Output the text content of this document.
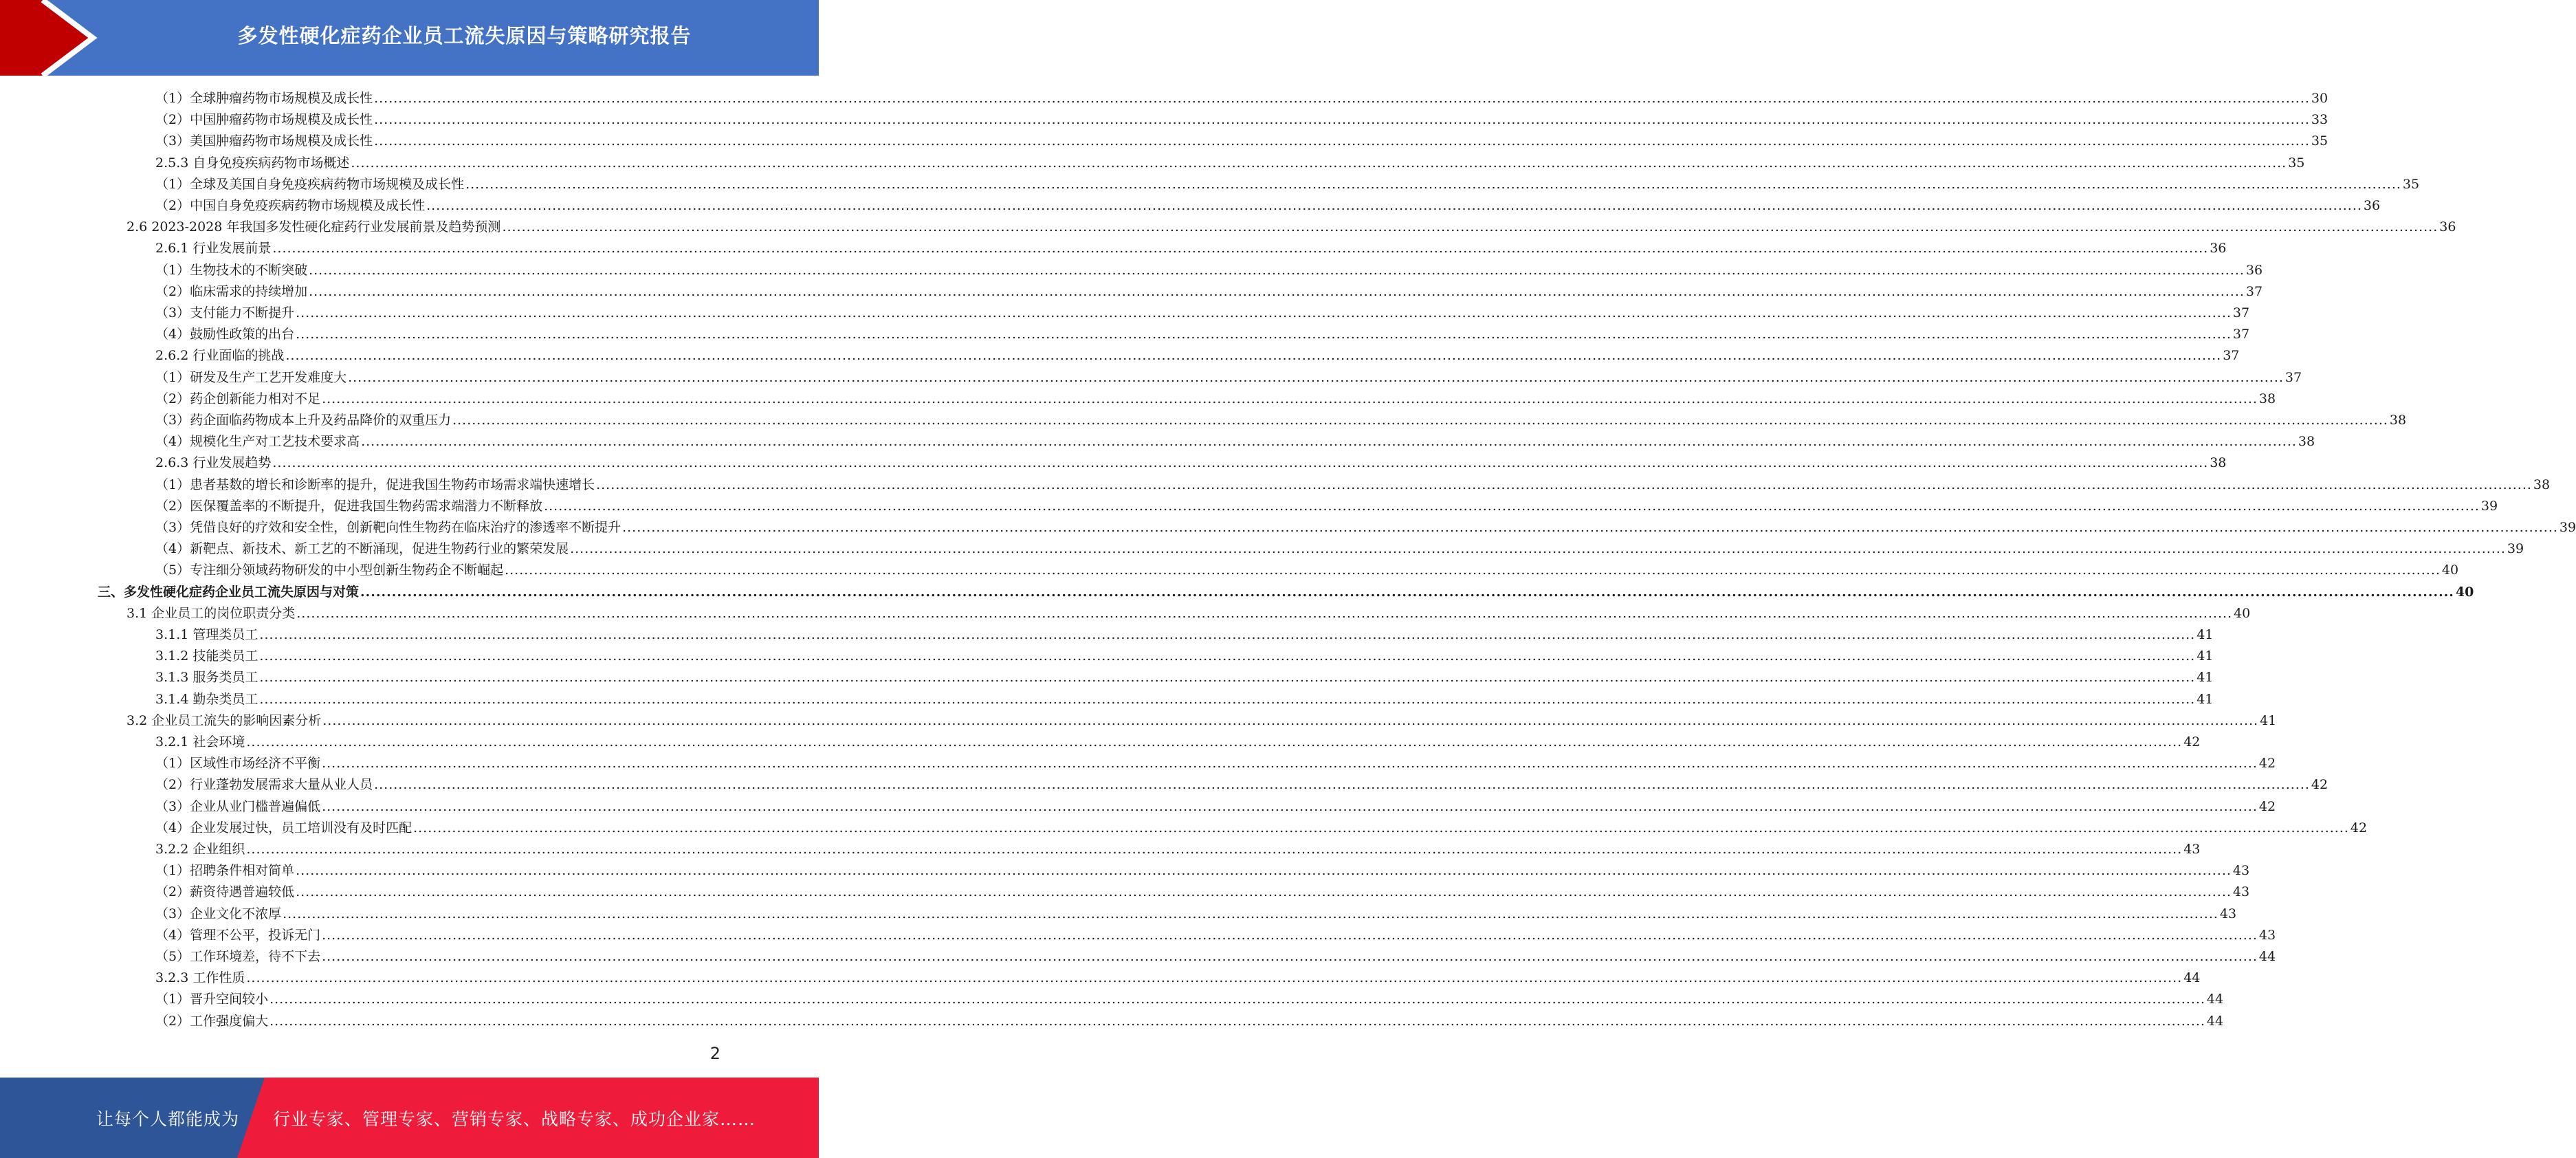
多发性硬化症药企业员工流失原因与策略研究报告
（1）全球肿瘤药物市场规模及成长性 ................................................................................................................................................................................................................................................................................................................................................................................................................ 30
（2）中国肿瘤药物市场规模及成长性 ................................................................................................................................................................................................................................................................................................................................................................................................................ 33
（3）美国肿瘤药物市场规模及成长性 ................................................................................................................................................................................................................................................................................................................................................................................................................ 35
2.5.3 自身免疫疾病药物市场概述 ................................................................................................................................................................................................................................................................................................................................................................................................................ 35
（1）全球及美国自身免疫疾病药物市场规模及成长性 ................................................................................................................................................................................................................................................................................................................................................................................................................ 35
（2）中国自身免疫疾病药物市场规模及成长性 ................................................................................................................................................................................................................................................................................................................................................................................................................ 36
2.6 2023-2028 年我国多发性硬化症药行业发展前景及趋势预测 ................................................................................................................................................................................................................................................................................................................................................................................................................ 36
2.6.1 行业发展前景 ................................................................................................................................................................................................................................................................................................................................................................................................................ 36
（1）生物技术的不断突破 ................................................................................................................................................................................................................................................................................................................................................................................................................ 36
（2）临床需求的持续增加 ................................................................................................................................................................................................................................................................................................................................................................................................................ 37
（3）支付能力不断提升 ................................................................................................................................................................................................................................................................................................................................................................................................................ 37
（4）鼓励性政策的出台 ................................................................................................................................................................................................................................................................................................................................................................................................................ 37
2.6.2 行业面临的挑战 ................................................................................................................................................................................................................................................................................................................................................................................................................ 37
（1）研发及生产工艺开发难度大 ................................................................................................................................................................................................................................................................................................................................................................................................................ 37
（2）药企创新能力相对不足 ................................................................................................................................................................................................................................................................................................................................................................................................................ 38
（3）药企面临药物成本上升及药品降价的双重压力 ................................................................................................................................................................................................................................................................................................................................................................................................................ 38
（4）规模化生产对工艺技术要求高 ................................................................................................................................................................................................................................................................................................................................................................................................................ 38
2.6.3 行业发展趋势 ................................................................................................................................................................................................................................................................................................................................................................................................................ 38
（1）患者基数的增长和诊断率的提升，促进我国生物药市场需求端快速增长 ................................................................................................................................................................................................................................................................................................................................................................................................................ 38
（2）医保覆盖率的不断提升，促进我国生物药需求端潜力不断释放 ................................................................................................................................................................................................................................................................................................................................................................................................................ 39
（3）凭借良好的疗效和安全性，创新靶向性生物药在临床治疗的渗透率不断提升 ................................................................................................................................................................................................................................................................................................................................................................................................................ 39
（4）新靶点、新技术、新工艺的不断涌现，促进生物药行业的繁荣发展 ................................................................................................................................................................................................................................................................................................................................................................................................................ 39
（5）专注细分领域药物研发的中小型创新生物药企不断崛起 ................................................................................................................................................................................................................................................................................................................................................................................................................ 40
三、多发性硬化症药企业员工流失原因与对策 ................................................................................................................................................................................................................................................................................................................................................................................................................ 40
3.1 企业员工的岗位职责分类 ................................................................................................................................................................................................................................................................................................................................................................................................................ 40
3.1.1 管理类员工 ................................................................................................................................................................................................................................................................................................................................................................................................................ 41
3.1.2 技能类员工 ................................................................................................................................................................................................................................................................................................................................................................................................................ 41
3.1.3 服务类员工 ................................................................................................................................................................................................................................................................................................................................................................................................................ 41
3.1.4 勤杂类员工 ................................................................................................................................................................................................................................................................................................................................................................................................................ 41
3.2 企业员工流失的影响因素分析 ................................................................................................................................................................................................................................................................................................................................................................................................................ 41
3.2.1 社会环境 ................................................................................................................................................................................................................................................................................................................................................................................................................ 42
（1）区域性市场经济不平衡 ................................................................................................................................................................................................................................................................................................................................................................................................................ 42
（2）行业蓬勃发展需求大量从业人员 ................................................................................................................................................................................................................................................................................................................................................................................................................ 42
（3）企业从业门槛普遍偏低 ................................................................................................................................................................................................................................................................................................................................................................................................................ 42
（4）企业发展过快，员工培训没有及时匹配 ................................................................................................................................................................................................................................................................................................................................................................................................................ 42
3.2.2 企业组织 ................................................................................................................................................................................................................................................................................................................................................................................................................ 43
（1）招聘条件相对简单 ................................................................................................................................................................................................................................................................................................................................................................................................................ 43
（2）薪资待遇普遍较低 ................................................................................................................................................................................................................................................................................................................................................................................................................ 43
（3）企业文化不浓厚 ................................................................................................................................................................................................................................................................................................................................................................................................................ 43
（4）管理不公平，投诉无门 ................................................................................................................................................................................................................................................................................................................................................................................................................ 43
（5）工作环境差，待不下去 ................................................................................................................................................................................................................................................................................................................................................................................................................ 44
3.2.3 工作性质 ................................................................................................................................................................................................................................................................................................................................................................................................................ 44
（1）晋升空间较小 ................................................................................................................................................................................................................................................................................................................................................................................................................ 44
（2）工作强度偏大 ................................................................................................................................................................................................................................................................................................................................................................................................................ 44
2
让每个人都能成为 行业专家、管理专家、营销专家、战略专家、成功企业家……
